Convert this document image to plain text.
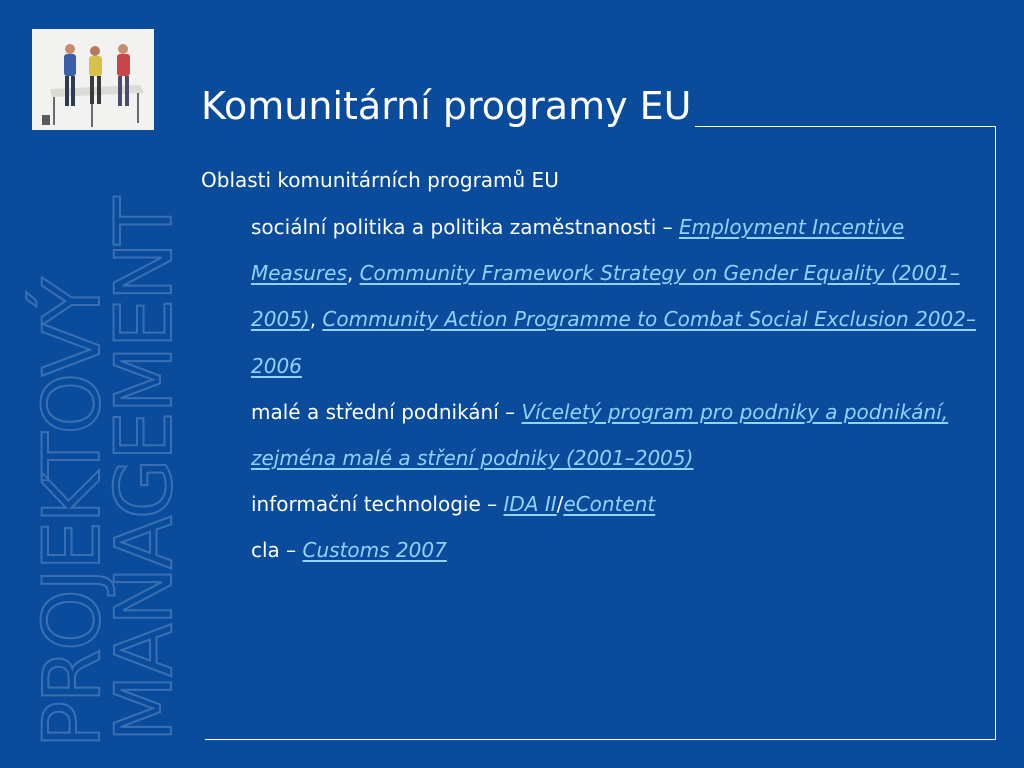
PROJEKTOVÝ
MANAGEMENT
Komunitární programy EU
Oblasti komunitárních programů EU

sociální politika a politika zaměstnanosti – Employment Incentive Measures, Community Framework Strategy on Gender Equality (2001–2005), Community Action Programme to Combat Social Exclusion 2002–2006

malé a střední podnikání – Víceletý program pro podniky a podnikání, zejména malé a stření podniky (2001–2005)

informační technologie – IDA II/eContent

cla – Customs 2007
